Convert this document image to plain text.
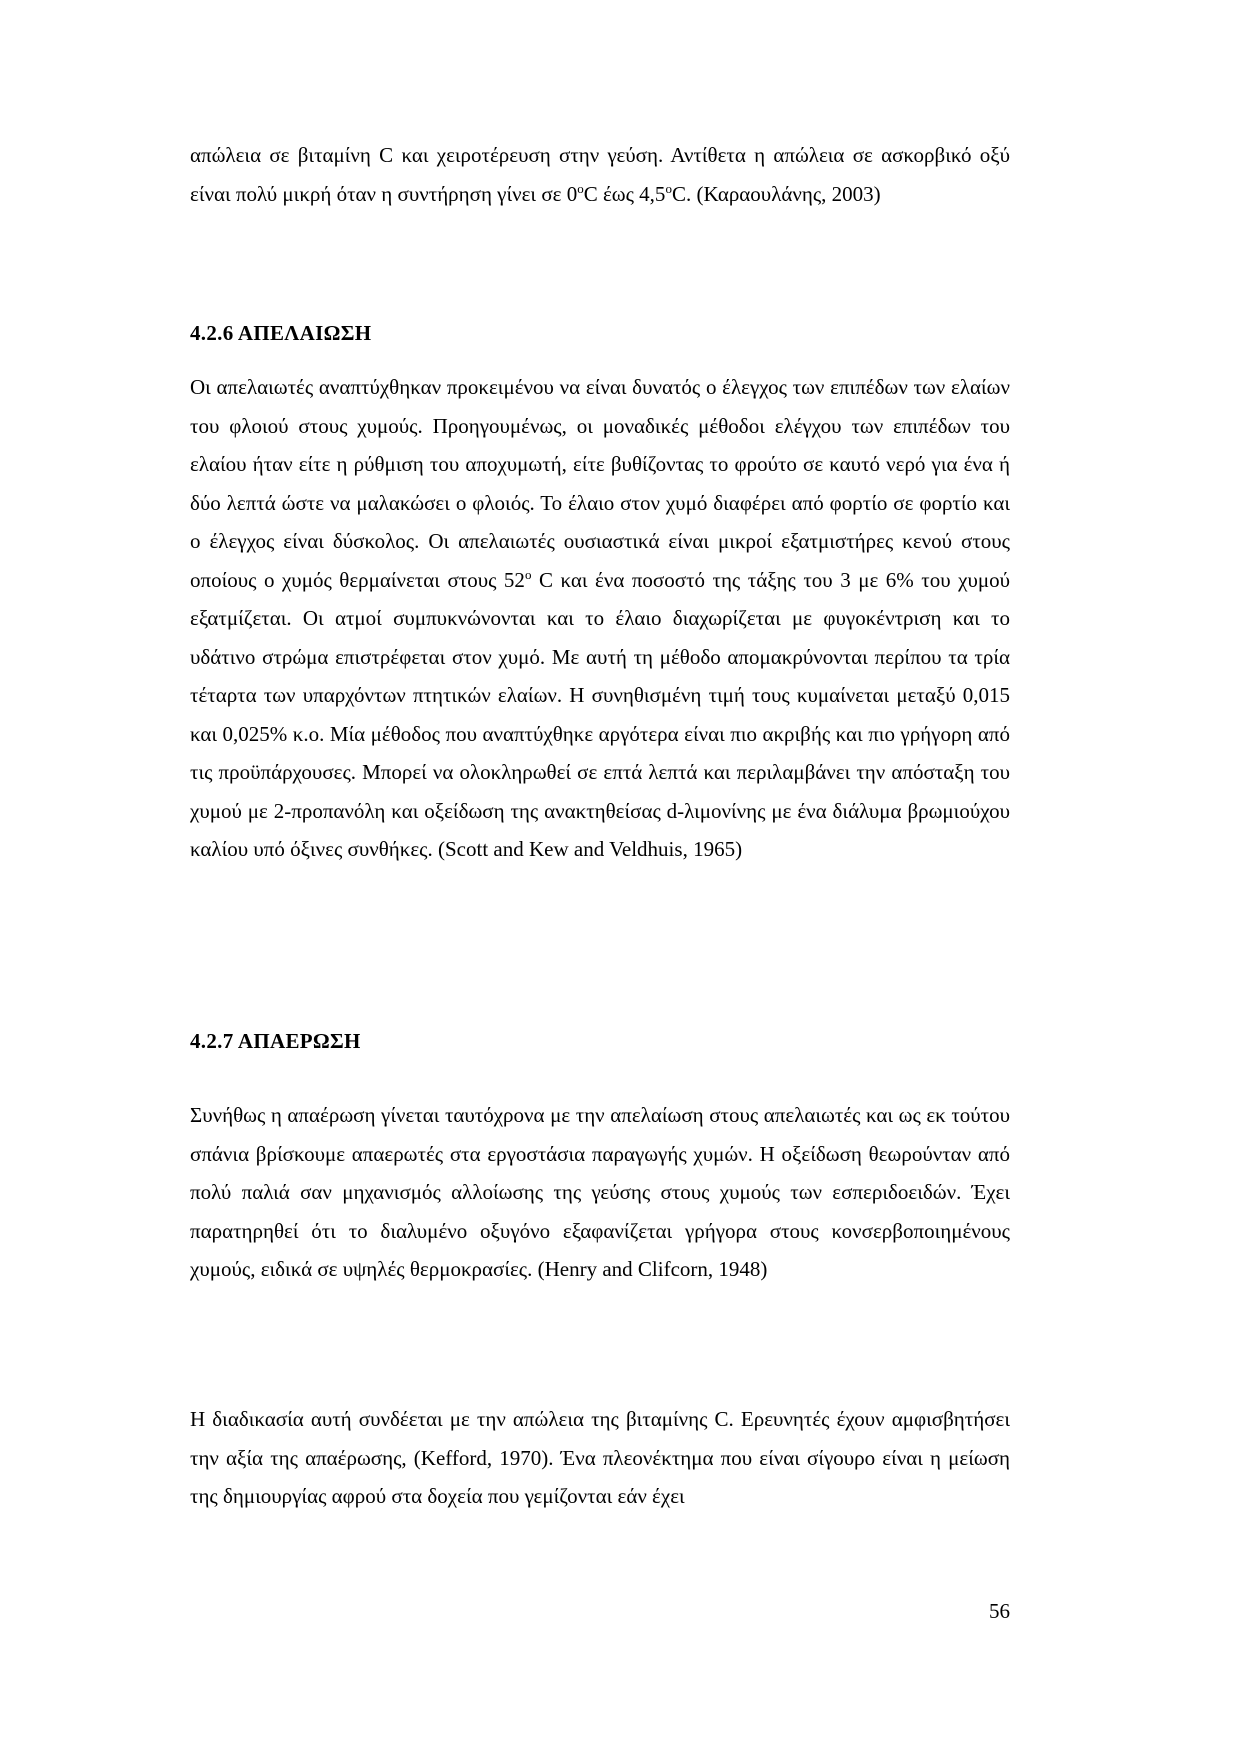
απώλεια σε βιταμίνη C και χειροτέρευση στην γεύση. Αντίθετα η απώλεια σε ασκορβικό οξύ είναι πολύ μικρή όταν η συντήρηση γίνει σε 0$^o$C έως 4,5$^o$C. (Καραουλάνης, 2003)

4.2.6 ΑΠΕΛΑΙΩΣΗ

Οι απελαιωτές αναπτύχθηκαν προκειμένου να είναι δυνατός ο έλεγχος των επιπέδων των ελαίων του φλοιού στους χυμούς. Προηγουμένως, οι μοναδικές μέθοδοι ελέγχου των επιπέδων του ελαίου ήταν είτε η ρύθμιση του αποχυμωτή, είτε βυθίζοντας το φρούτο σε καυτό νερό για ένα ή δύο λεπτά ώστε να μαλακώσει ο φλοιός. Το έλαιο στον χυμό διαφέρει από φορτίο σε φορτίο και ο έλεγχος είναι δύσκολος. Οι απελαιωτές ουσιαστικά είναι μικροί εξατμιστήρες κενού στους οποίους ο χυμός θερμαίνεται στους 52$^o$ C και ένα ποσοστό της τάξης του 3 με 6% του χυμού εξατμίζεται. Οι ατμοί συμπυκνώνονται και το έλαιο διαχωρίζεται με φυγοκέντριση και το υδάτινο στρώμα επιστρέφεται στον χυμό. Με αυτή τη μέθοδο απομακρύνονται περίπου τα τρία τέταρτα των υπαρχόντων πτητικών ελαίων. Η συνηθισμένη τιμή τους κυμαίνεται μεταξύ 0,015 και 0,025% κ.ο. Μία μέθοδος που αναπτύχθηκε αργότερα είναι πιο ακριβής και πιο γρήγορη από τις προϋπάρχουσες. Μπορεί να ολοκληρωθεί σε επτά λεπτά και περιλαμβάνει την απόσταξη του χυμού με 2-προπανόλη και οξείδωση της ανακτηθείσας d-λιμονίνης με ένα διάλυμα βρωμιούχου καλίου υπό όξινες συνθήκες. (Scott and Kew and Veldhuis, 1965)

4.2.7 ΑΠΑΕΡΩΣΗ

Συνήθως η απαέρωση γίνεται ταυτόχρονα με την απελαίωση στους απελαιωτές και ως εκ τούτου σπάνια βρίσκουμε απαερωτές στα εργοστάσια παραγωγής χυμών. Η οξείδωση θεωρούνταν από πολύ παλιά σαν μηχανισμός αλλοίωσης της γεύσης στους χυμούς των εσπεριδοειδών. Έχει παρατηρηθεί ότι το διαλυμένο οξυγόνο εξαφανίζεται γρήγορα στους κονσερβοποιημένους χυμούς, ειδικά σε υψηλές θερμοκρασίες. (Henry and Clifcorn, 1948)

Η διαδικασία αυτή συνδέεται με την απώλεια της βιταμίνης C. Ερευνητές έχουν αμφισβητήσει την αξία της απαέρωσης, (Kefford, 1970). Ένα πλεονέκτημα που είναι σίγουρο είναι η μείωση της δημιουργίας αφρού στα δοχεία που γεμίζονται εάν έχει

56
